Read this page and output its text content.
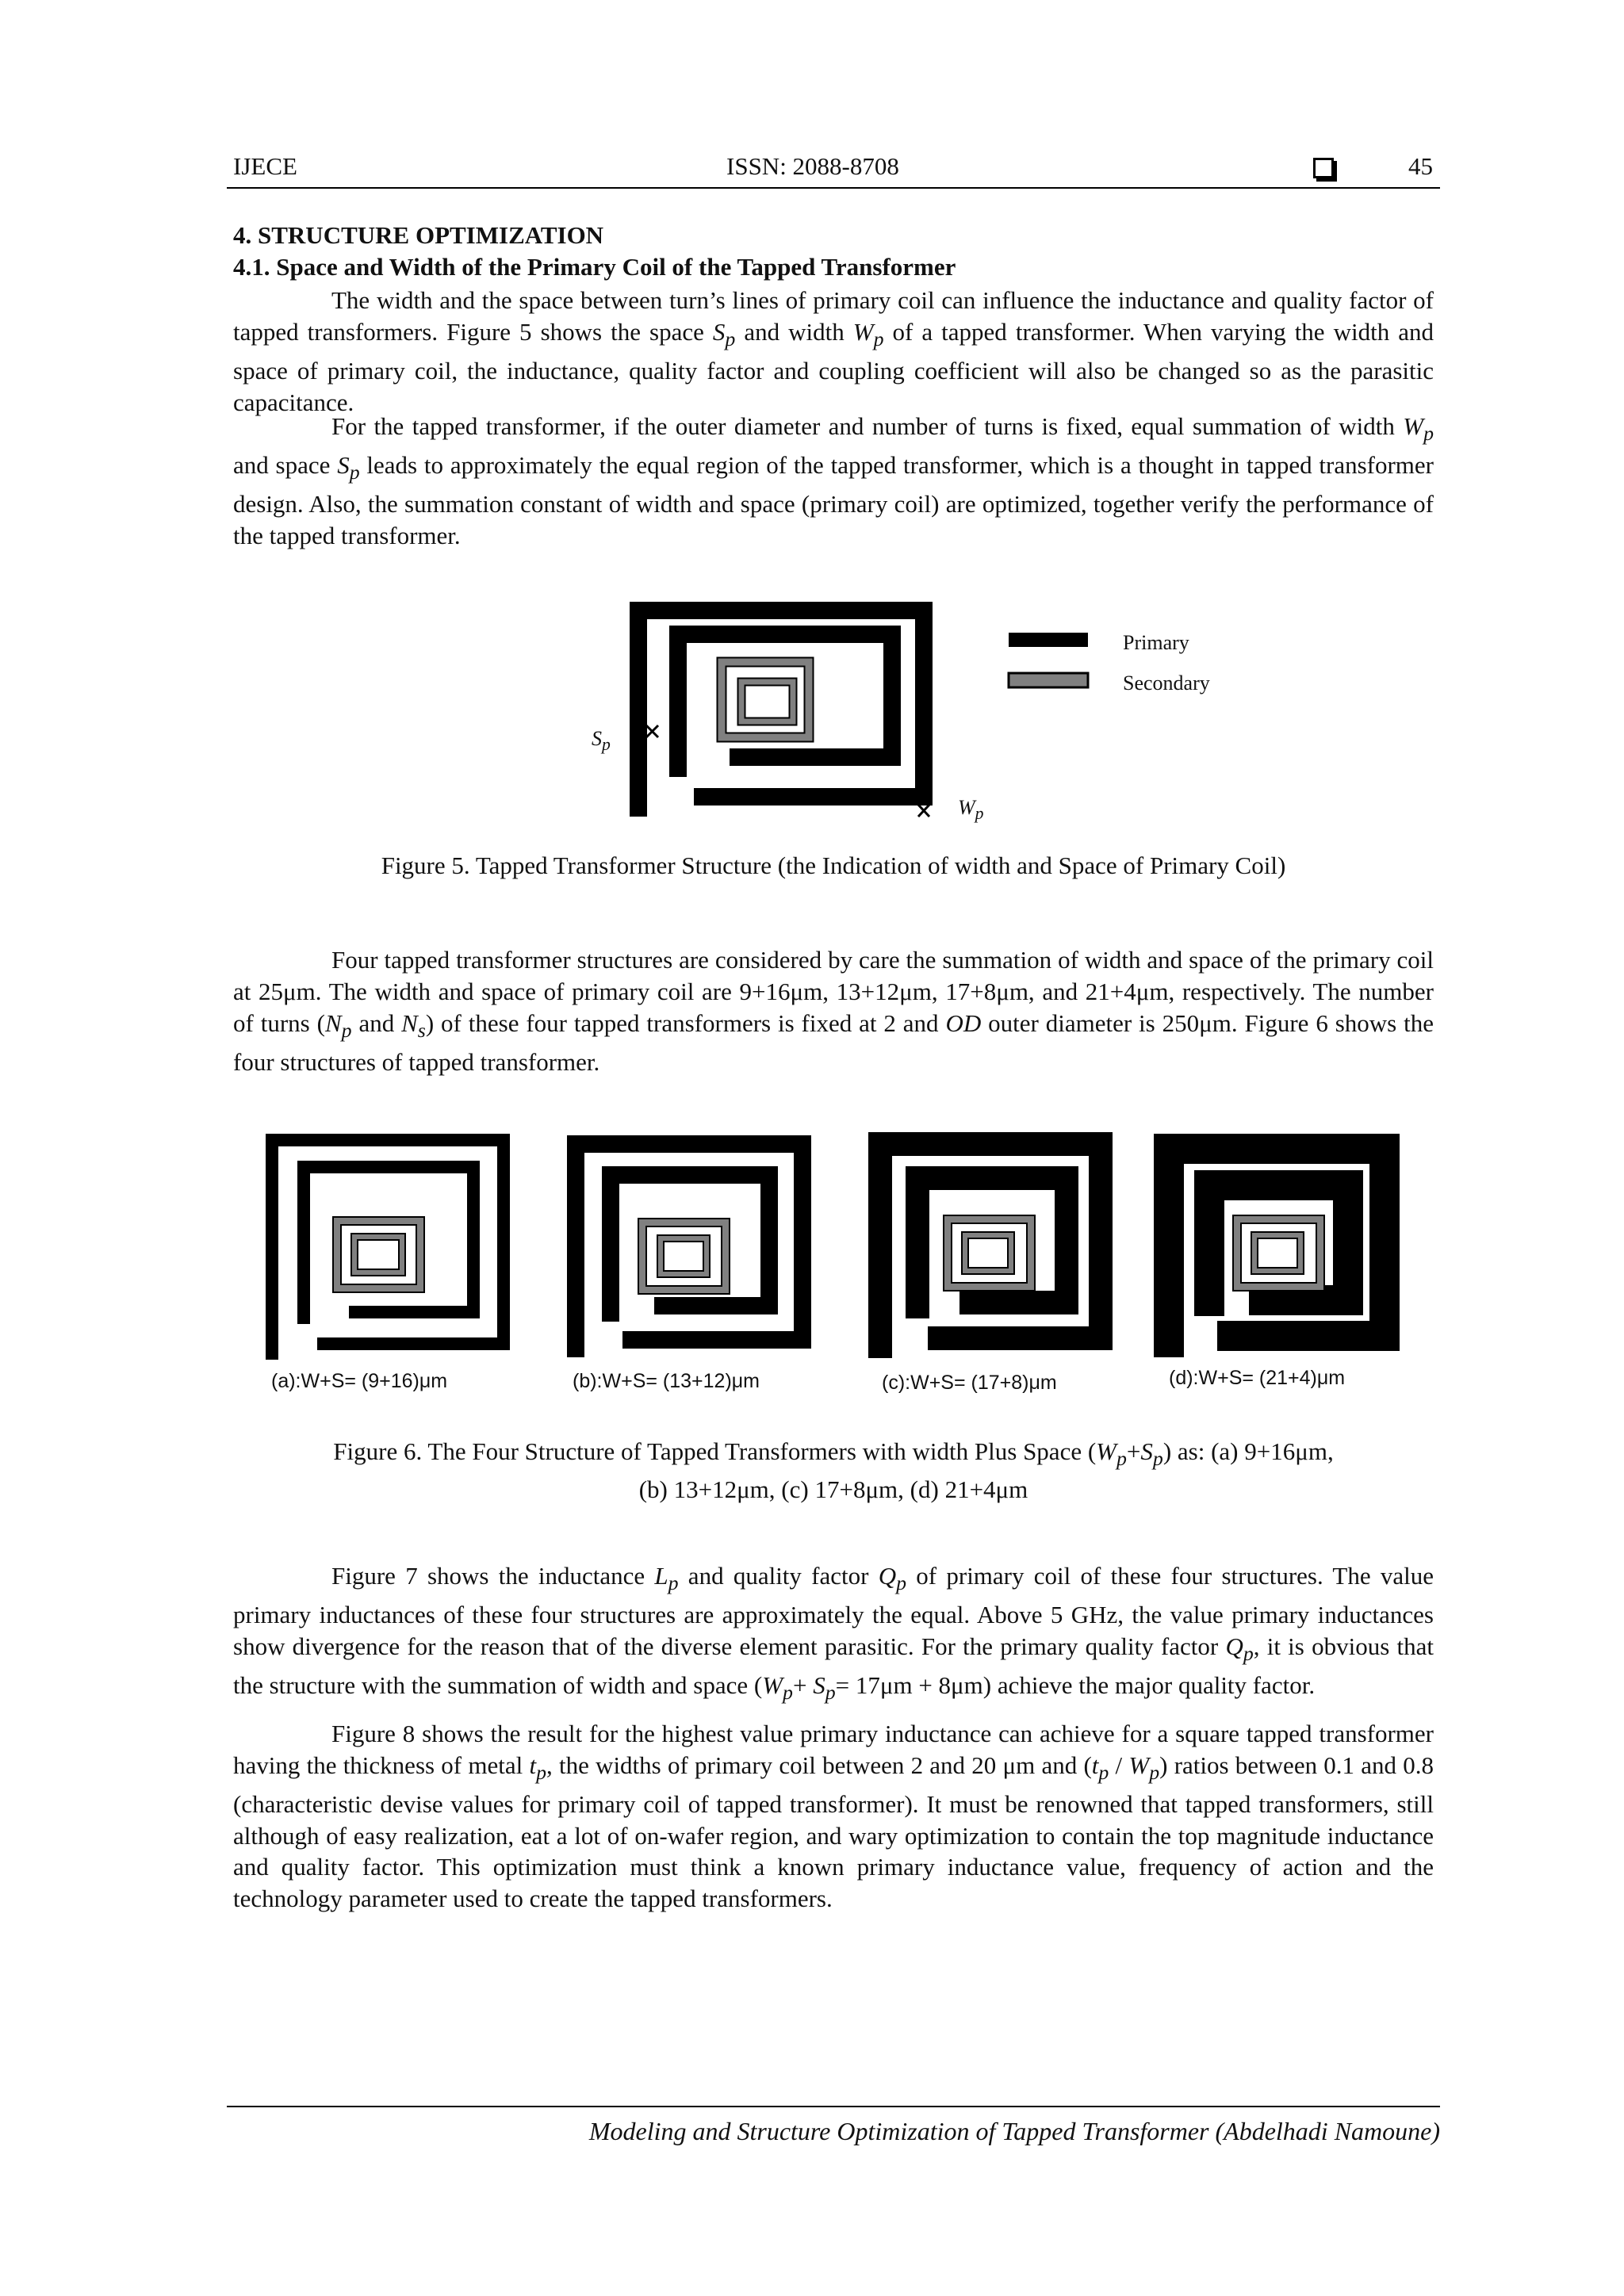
IJECE	ISSN: 2088-8708	45

4. STRUCTURE OPTIMIZATION

4.1. Space and Width of the Primary Coil of the Tapped Transformer

The width and the space between turn’s lines of primary coil can influence the inductance and quality factor of tapped transformers. Figure 5 shows the space $S_p$ and width $W_p$ of a tapped transformer. When varying the width and space of primary coil, the inductance, quality factor and coupling coefficient will also be changed so as the parasitic capacitance.

For the tapped transformer, if the outer diameter and number of turns is fixed, equal summation of width $W_p$ and space $S_p$ leads to approximately the equal region of the tapped transformer, which is a thought in tapped transformer design. Also, the summation constant of width and space (primary coil) are optimized, together verify the performance of the tapped transformer.

Primary
Secondary
$S_p$
$W_p$

Figure 5. Tapped Transformer Structure (the Indication of width and Space of Primary Coil)

Four tapped transformer structures are considered by care the summation of width and space of the primary coil at 25μm. The width and space of primary coil are 9+16μm, 13+12μm, 17+8μm, and 21+4μm, respectively. The number of turns ($N_p$ and $N_s$) of these four tapped transformers is fixed at 2 and OD outer diameter is 250μm. Figure 6 shows the four structures of tapped transformer.

(a):W+S= (9+16)μm	(b):W+S= (13+12)μm	(c):W+S= (17+8)μm	(d):W+S= (21+4)μm

Figure 6. The Four Structure of Tapped Transformers with width Plus Space $(W_p+S_p)$ as: (a) 9+16μm,
(b) 13+12μm, (c) 17+8μm, (d) 21+4μm

Figure 7 shows the inductance $L_p$ and quality factor $Q_p$ of primary coil of these four structures. The value primary inductances of these four structures are approximately the equal. Above 5 GHz, the value primary inductances show divergence for the reason that of the diverse element parasitic. For the primary quality factor $Q_p$, it is obvious that the structure with the summation of width and space $(W_p+ S_p= 17\mu m + 8\mu m)$ achieve the major quality factor.

Figure 8 shows the result for the highest value primary inductance can achieve for a square tapped transformer having the thickness of metal $t_p$, the widths of primary coil between 2 and 20 μm and $(t_p / W_p)$ ratios between 0.1 and 0.8 (characteristic devise values for primary coil of tapped transformer). It must be renowned that tapped transformers, still although of easy realization, eat a lot of on-wafer region, and wary optimization to contain the top magnitude inductance and quality factor. This optimization must think a known primary inductance value, frequency of action and the technology parameter used to create the tapped transformers.

Modeling and Structure Optimization of Tapped Transformer (Abdelhadi Namoune)
